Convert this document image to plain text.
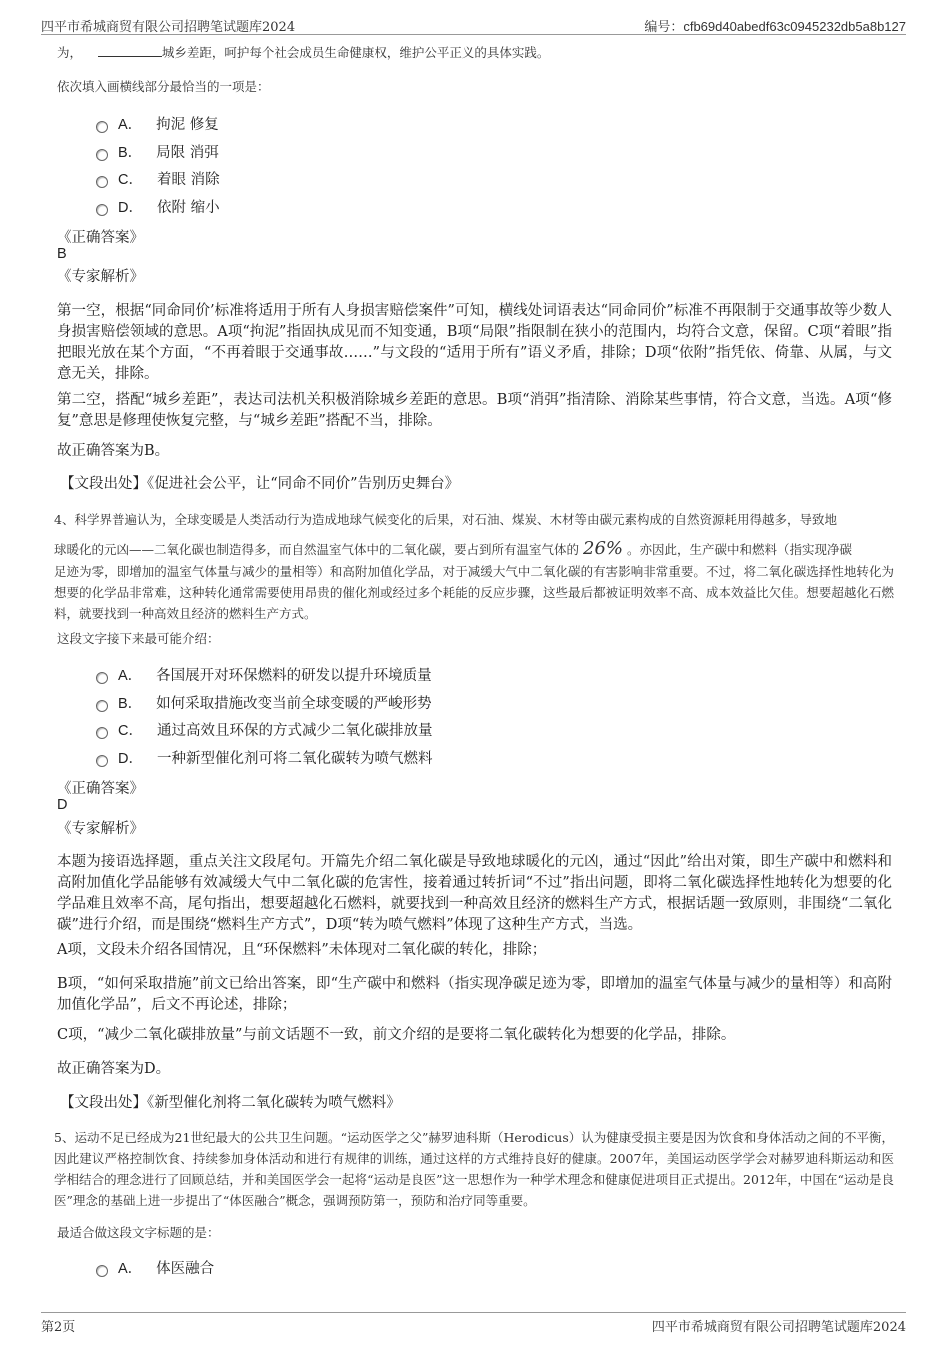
四平市希城商贸有限公司招聘笔试题库2024	编号：cfb69d40abedf63c0945232db5a8b127
为，	城乡差距，呵护每个社会成员生命健康权，维护公平正义的具体实践。
依次填入画横线部分最恰当的一项是：
A． 拘泥 修复
B． 局限 消弭
C． 着眼 消除
D． 依附 缩小
《正确答案》
B
《专家解析》
第一空，根据“同命同价’标准将适用于所有人身损害赔偿案件”可知，横线处词语表达“同命同价”标准不再限制于交通事故等少数人身损害赔偿领域的意思。A项“拘泥”指固执成见而不知变通，B项“局限”指限制在狭小的范围内，均符合文意，保留。C项“着眼”指把眼光放在某个方面，“不再着眼于交通事故……”与文段的“适用于所有”语义矛盾，排除；D项“依附”指凭依、倚靠、从属，与文意无关，排除。
第二空，搭配“城乡差距”，表达司法机关积极消除城乡差距的意思。B项“消弭”指清除、消除某些事情，符合文意，当选。A项“修复”意思是修理使恢复完整，与“城乡差距”搭配不当，排除。
故正确答案为B。
【文段出处】《促进社会公平，让“同命不同价”告别历史舞台》
4、科学界普遍认为，全球变暖是人类活动行为造成地球气候变化的后果，对石油、煤炭、木材等由碳元素构成的自然资源耗用得越多，导致地
球暖化的元凶——二氧化碳也制造得多，而自然温室气体中的二氧化碳，要占到所有温室气体的 26% 。亦因此，生产碳中和燃料（指实现净碳
足迹为零，即增加的温室气体量与减少的量相等）和高附加值化学品，对于减缓大气中二氧化碳的有害影响非常重要。不过，将二氧化碳选择性地转化为想要的化学品非常难，这种转化通常需要使用昂贵的催化剂或经过多个耗能的反应步骤，这些最后都被证明效率不高、成本效益比欠佳。想要超越化石燃料，就要找到一种高效且经济的燃料生产方式。
这段文字接下来最可能介绍：
A． 各国展开对环保燃料的研发以提升环境质量
B． 如何采取措施改变当前全球变暖的严峻形势
C． 通过高效且环保的方式减少二氧化碳排放量
D． 一种新型催化剂可将二氧化碳转为喷气燃料
《正确答案》
D
《专家解析》
本题为接语选择题，重点关注文段尾句。开篇先介绍二氧化碳是导致地球暖化的元凶，通过“因此”给出对策，即生产碳中和燃料和高附加值化学品能够有效减缓大气中二氧化碳的危害性，接着通过转折词“不过”指出问题，即将二氧化碳选择性地转化为想要的化学品难且效率不高，尾句指出，想要超越化石燃料，就要找到一种高效且经济的燃料生产方式，根据话题一致原则，非围绕“二氧化碳”进行介绍，而是围绕“燃料生产方式”，D项“转为喷气燃料”体现了这种生产方式，当选。
A项，文段未介绍各国情况，且“环保燃料”未体现对二氧化碳的转化，排除；
B项，“如何采取措施”前文已给出答案，即“生产碳中和燃料（指实现净碳足迹为零，即增加的温室气体量与减少的量相等）和高附加值化学品”，后文不再论述，排除；
C项，“减少二氧化碳排放量”与前文话题不一致，前文介绍的是要将二氧化碳转化为想要的化学品，排除。
故正确答案为D。
【文段出处】《新型催化剂将二氧化碳转为喷气燃料》
5、运动不足已经成为21世纪最大的公共卫生问题。“运动医学之父”赫罗迪科斯（Herodicus）认为健康受损主要是因为饮食和身体活动之间的不平衡，因此建议严格控制饮食、持续参加身体活动和进行有规律的训练，通过这样的方式维持良好的健康。2007年，美国运动医学学会对赫罗迪科斯运动和医学相结合的理念进行了回顾总结，并和美国医学会一起将“运动是良医”这一思想作为一种学术理念和健康促进项目正式提出。2012年，中国在“运动是良医”理念的基础上进一步提出了“体医融合”概念，强调预防第一，预防和治疗同等重要。
最适合做这段文字标题的是：
A． 体医融合
第2页	四平市希城商贸有限公司招聘笔试题库2024
